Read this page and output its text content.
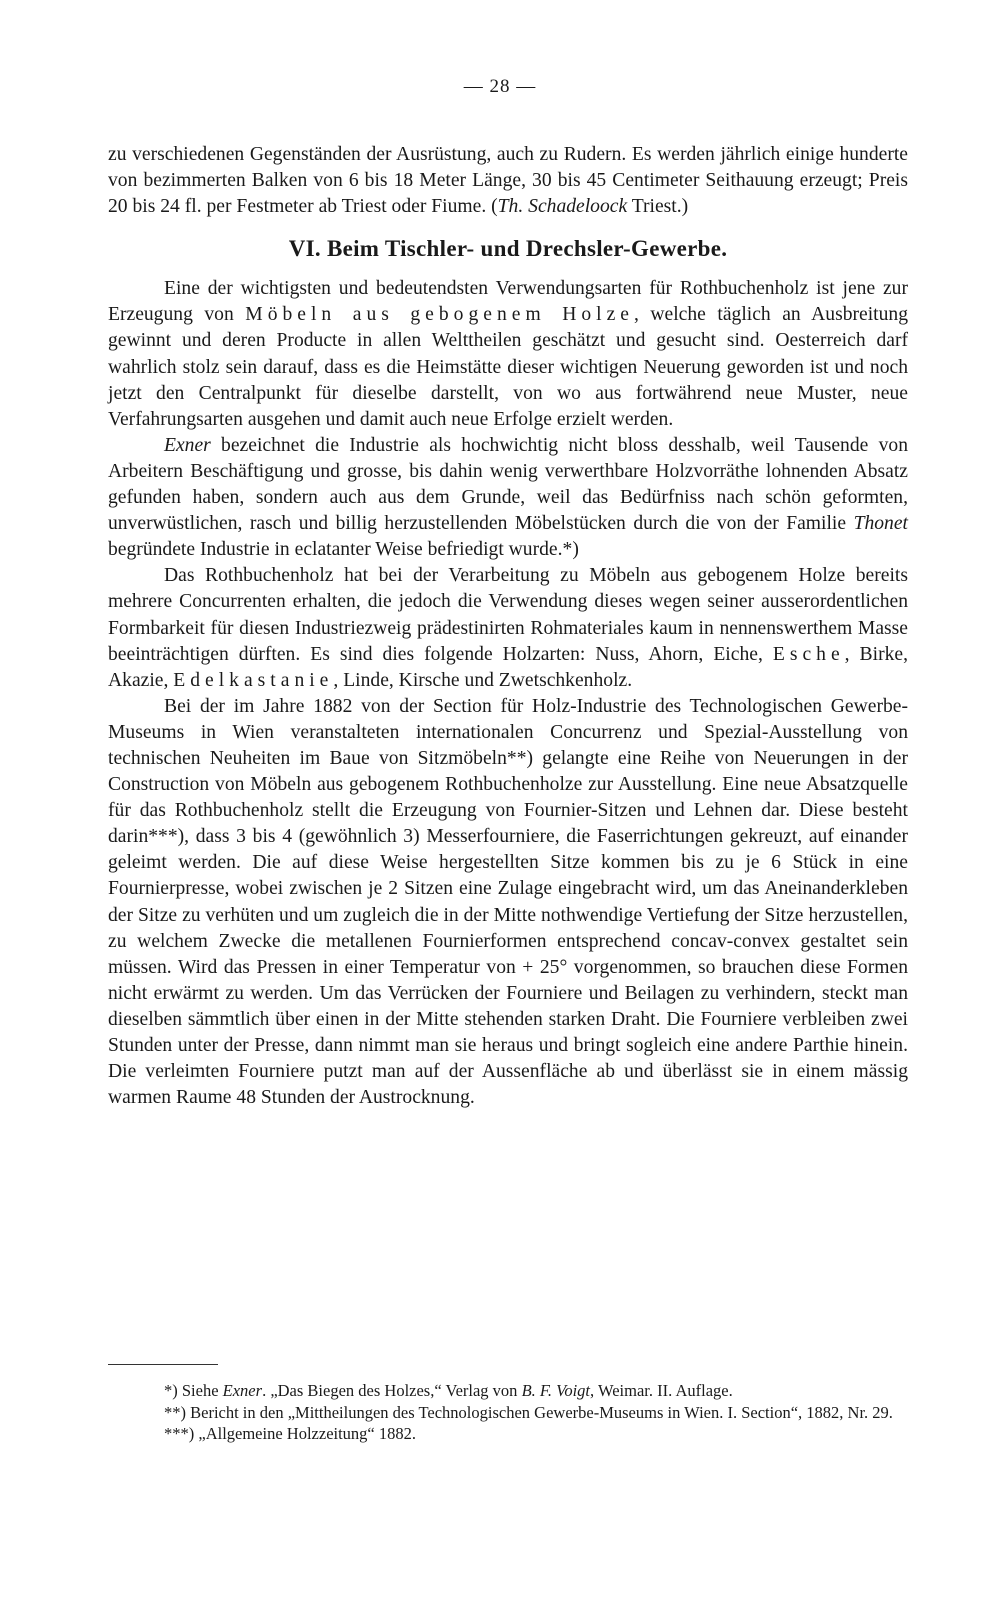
— 28 —

zu verschiedenen Gegenständen der Ausrüstung, auch zu Rudern. Es werden jährlich einige hunderte von bezimmerten Balken von 6 bis 18 Meter Länge, 30 bis 45 Centimeter Seithauung erzeugt; Preis 20 bis 24 fl. per Festmeter ab Triest oder Fiume. (Th. Schadeloock Triest.)

VI. Beim Tischler- und Drechsler-Gewerbe.

Eine der wichtigsten und bedeutendsten Verwendungsarten für Rothbuchenholz ist jene zur Erzeugung von Möbeln aus gebogenem Holze, welche täglich an Ausbreitung gewinnt und deren Producte in allen Welttheilen geschätzt und gesucht sind. Oesterreich darf wahrlich stolz sein darauf, dass es die Heimstätte dieser wichtigen Neuerung geworden ist und noch jetzt den Centralpunkt für dieselbe darstellt, von wo aus fortwährend neue Muster, neue Verfahrungsarten ausgehen und damit auch neue Erfolge erzielt werden.

Exner bezeichnet die Industrie als hochwichtig nicht bloss desshalb, weil Tausende von Arbeitern Beschäftigung und grosse, bis dahin wenig verwerthbare Holzvorräthe lohnenden Absatz gefunden haben, sondern auch aus dem Grunde, weil das Bedürfniss nach schön geformten, unverwüstlichen, rasch und billig herzustellenden Möbelstücken durch die von der Familie Thonet begründete Industrie in eclatanter Weise befriedigt wurde.*)

Das Rothbuchenholz hat bei der Verarbeitung zu Möbeln aus gebogenem Holze bereits mehrere Concurrenten erhalten, die jedoch die Verwendung dieses wegen seiner ausserordentlichen Formbarkeit für diesen Industriezweig prädestinirten Rohmateriales kaum in nennenswerthem Masse beeinträchtigen dürften. Es sind dies folgende Holzarten: Nuss, Ahorn, Eiche, Esche, Birke, Akazie, Edelkastanie, Linde, Kirsche und Zwetschkenholz.

Bei der im Jahre 1882 von der Section für Holz-Industrie des Technologischen Gewerbe-Museums in Wien veranstalteten internationalen Concurrenz und Spezial-Ausstellung von technischen Neuheiten im Baue von Sitzmöbeln**) gelangte eine Reihe von Neuerungen in der Construction von Möbeln aus gebogenem Rothbuchenholze zur Ausstellung. Eine neue Absatzquelle für das Rothbuchenholz stellt die Erzeugung von Fournier-Sitzen und Lehnen dar. Diese besteht darin***), dass 3 bis 4 (gewöhnlich 3) Messerfourniere, die Faserrichtungen gekreuzt, auf einander geleimt werden. Die auf diese Weise hergestellten Sitze kommen bis zu je 6 Stück in eine Fournierpresse, wobei zwischen je 2 Sitzen eine Zulage eingebracht wird, um das Aneinanderkleben der Sitze zu verhüten und um zugleich die in der Mitte nothwendige Vertiefung der Sitze herzustellen, zu welchem Zwecke die metallenen Fournierformen entsprechend concav-convex gestaltet sein müssen. Wird das Pressen in einer Temperatur von + 25° vorgenommen, so brauchen diese Formen nicht erwärmt zu werden. Um das Verrücken der Fourniere und Beilagen zu verhindern, steckt man dieselben sämmtlich über einen in der Mitte stehenden starken Draht. Die Fourniere verbleiben zwei Stunden unter der Presse, dann nimmt man sie heraus und bringt sogleich eine andere Parthie hinein. Die verleimten Fourniere putzt man auf der Aussenfläche ab und überlässt sie in einem mässig warmen Raume 48 Stunden der Austrocknung.

*) Siehe Exner. „Das Biegen des Holzes,“ Verlag von B. F. Voigt, Weimar. II. Auflage.

**) Bericht in den „Mittheilungen des Technologischen Gewerbe-Museums in Wien. I. Section“, 1882, Nr. 29.

***) „Allgemeine Holzzeitung“ 1882.
